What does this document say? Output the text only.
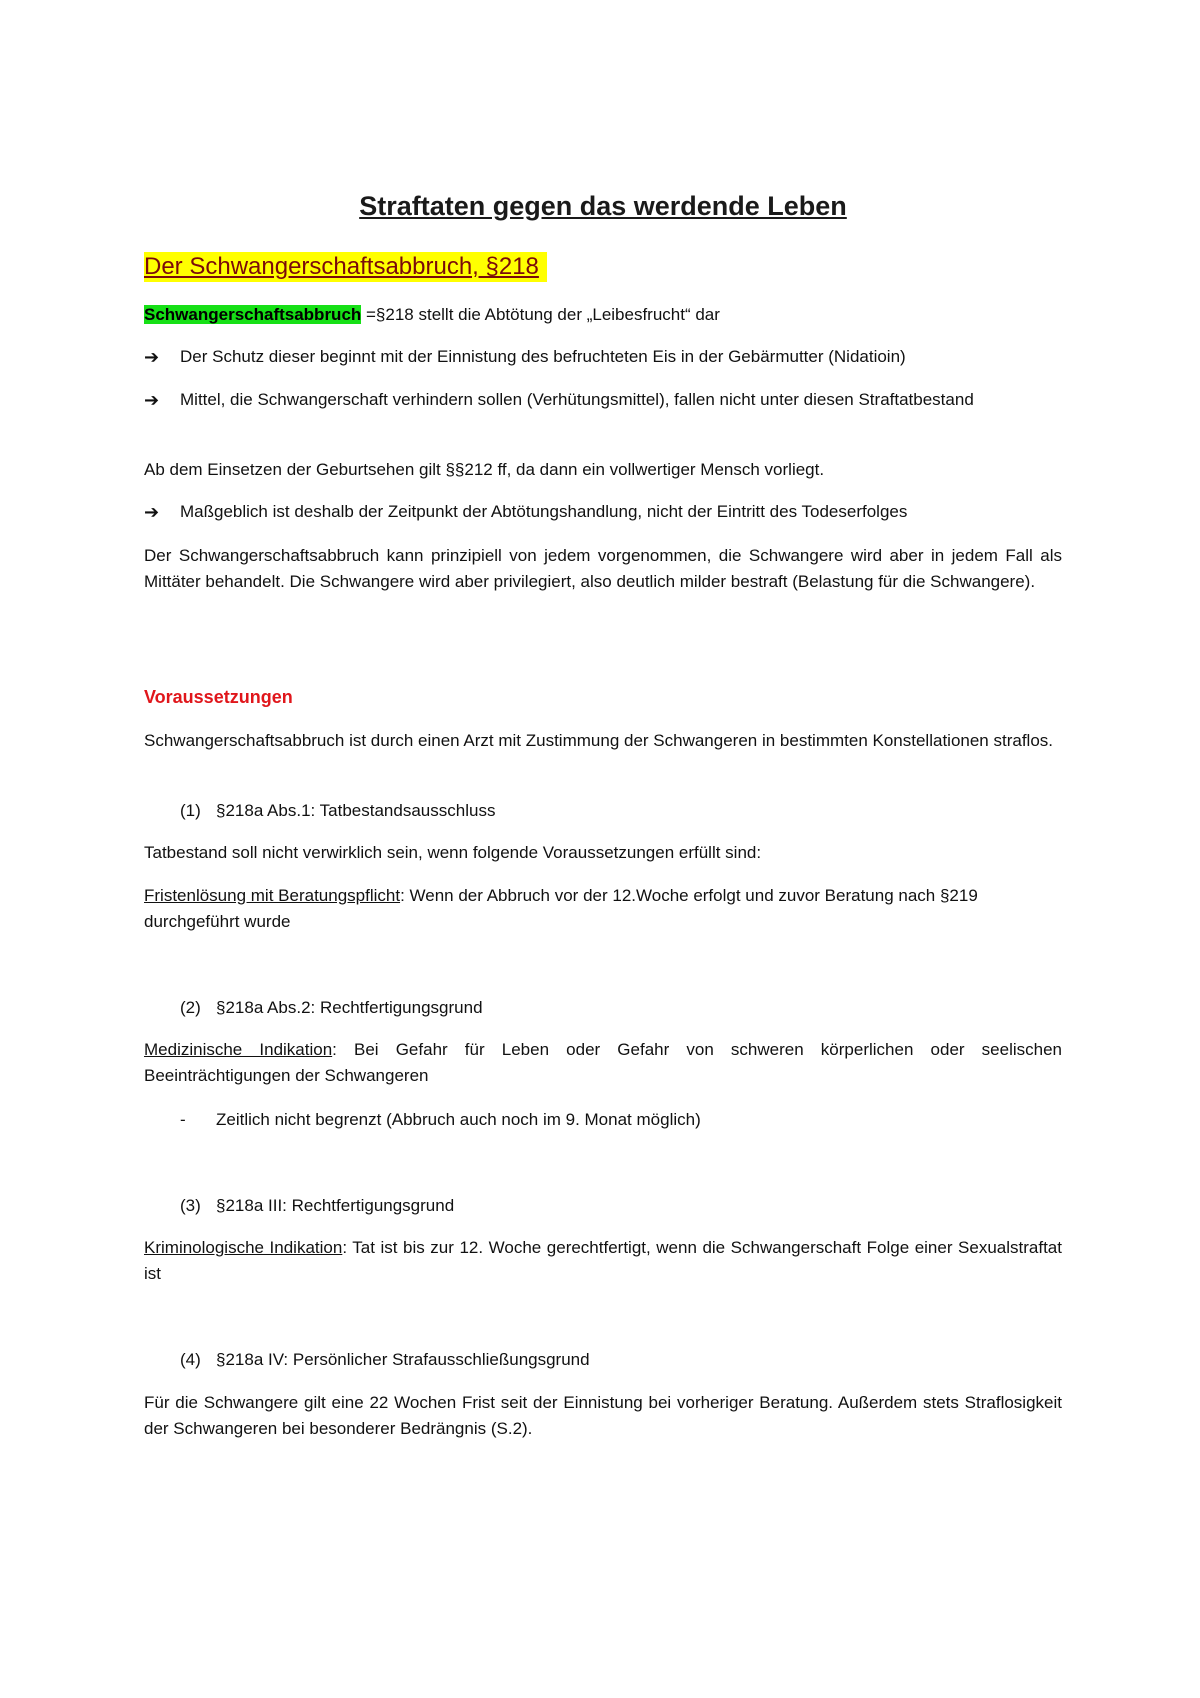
Straftaten gegen das werdende Leben
Der Schwangerschaftsabbruch, §218
Schwangerschaftsabbruch =§218 stellt die Abtötung der „Leibesfrucht“ dar
➔ Der Schutz dieser beginnt mit der Einnistung des befruchteten Eis in der Gebärmutter (Nidatioin)
➔ Mittel, die Schwangerschaft verhindern sollen (Verhütungsmittel), fallen nicht unter diesen Straftatbestand
Ab dem Einsetzen der Geburtsehen gilt §§212 ff, da dann ein vollwertiger Mensch vorliegt.
➔ Maßgeblich ist deshalb der Zeitpunkt der Abtötungshandlung, nicht der Eintritt des Todeserfolges
Der Schwangerschaftsabbruch kann prinzipiell von jedem vorgenommen, die Schwangere wird aber in jedem Fall als Mittäter behandelt. Die Schwangere wird aber privilegiert, also deutlich milder bestraft (Belastung für die Schwangere).
Voraussetzungen
Schwangerschaftsabbruch ist durch einen Arzt mit Zustimmung der Schwangeren in bestimmten Konstellationen straflos.
(1) §218a Abs.1: Tatbestandsausschluss
Tatbestand soll nicht verwirklich sein, wenn folgende Voraussetzungen erfüllt sind:
Fristenlösung mit Beratungspflicht: Wenn der Abbruch vor der 12.Woche erfolgt und zuvor Beratung nach §219 durchgeführt wurde
(2) §218a Abs.2: Rechtfertigungsgrund
Medizinische Indikation: Bei Gefahr für Leben oder Gefahr von schweren körperlichen oder seelischen Beeinträchtigungen der Schwangeren
- Zeitlich nicht begrenzt (Abbruch auch noch im 9. Monat möglich)
(3) §218a III: Rechtfertigungsgrund
Kriminologische Indikation: Tat ist bis zur 12. Woche gerechtfertigt, wenn die Schwangerschaft Folge einer Sexualstraftat ist
(4) §218a IV: Persönlicher Strafausschließungsgrund
Für die Schwangere gilt eine 22 Wochen Frist seit der Einnistung bei vorheriger Beratung. Außerdem stets Straflosigkeit der Schwangeren bei besonderer Bedrängnis (S.2).
